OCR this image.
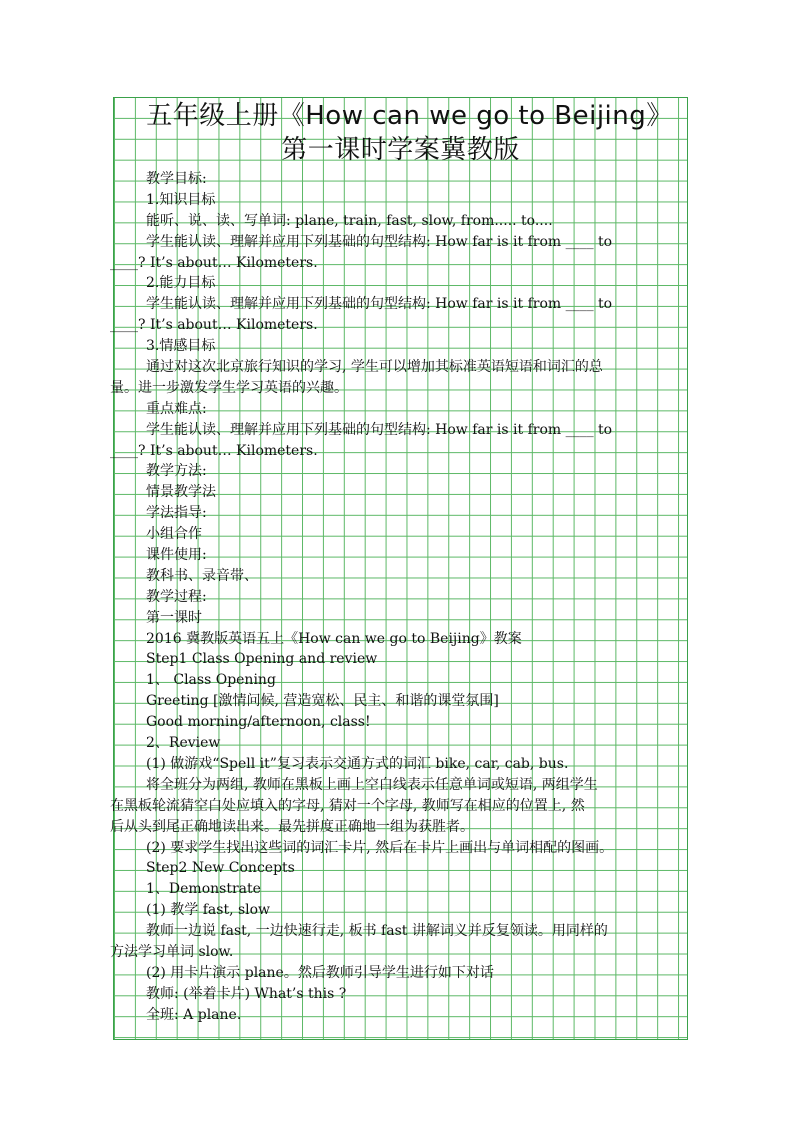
五年级上册《How can we go to Beijing》
第一课时学案冀教版
教学目标:
1.知识目标
能听、说、读、写单词: plane, train, fast, slow, from..... to....
学生能认读、理解并应用下列基础的句型结构: How far is it from ____ to
____? It’s about… Kilometers.
2.能力目标
学生能认读、理解并应用下列基础的句型结构: How far is it from ____ to
____? It’s about… Kilometers.
3.情感目标
通过对这次北京旅行知识的学习, 学生可以增加其标准英语短语和词汇的总
量。进一步激发学生学习英语的兴趣。
重点难点:
学生能认读、理解并应用下列基础的句型结构: How far is it from ____ to
____? It’s about… Kilometers.
教学方法:
情景教学法
学法指导:
小组合作
课件使用:
教科书、录音带、
教学过程:
第一课时
2016 冀教版英语五上《How can we go to Beijing》教案
Step1 Class Opening and review
1、 Class Opening
Greeting [激情问候, 营造宽松、民主、和谐的课堂氛围]
Good morning/afternoon, class!
2、Review
(1) 做游戏“Spell it”复习表示交通方式的词汇 bike, car, cab, bus.
将全班分为两组, 教师在黑板上画上空白线表示任意单词或短语, 两组学生
在黑板轮流猜空白处应填入的字母, 猜对一个字母, 教师写在相应的位置上, 然
后从头到尾正确地读出来。最先拼度正确地一组为获胜者。
(2) 要求学生找出这些词的词汇卡片, 然后在卡片上画出与单词相配的图画。
Step2 New Concepts
1、Demonstrate
(1) 教学 fast, slow
教师一边说 fast, 一边快速行走, 板书 fast 讲解词义并反复领读。用同样的
方法学习单词 slow.
(2) 用卡片演示 plane。然后教师引导学生进行如下对话
教师: (举着卡片) What’s this ?
全班: A plane.
